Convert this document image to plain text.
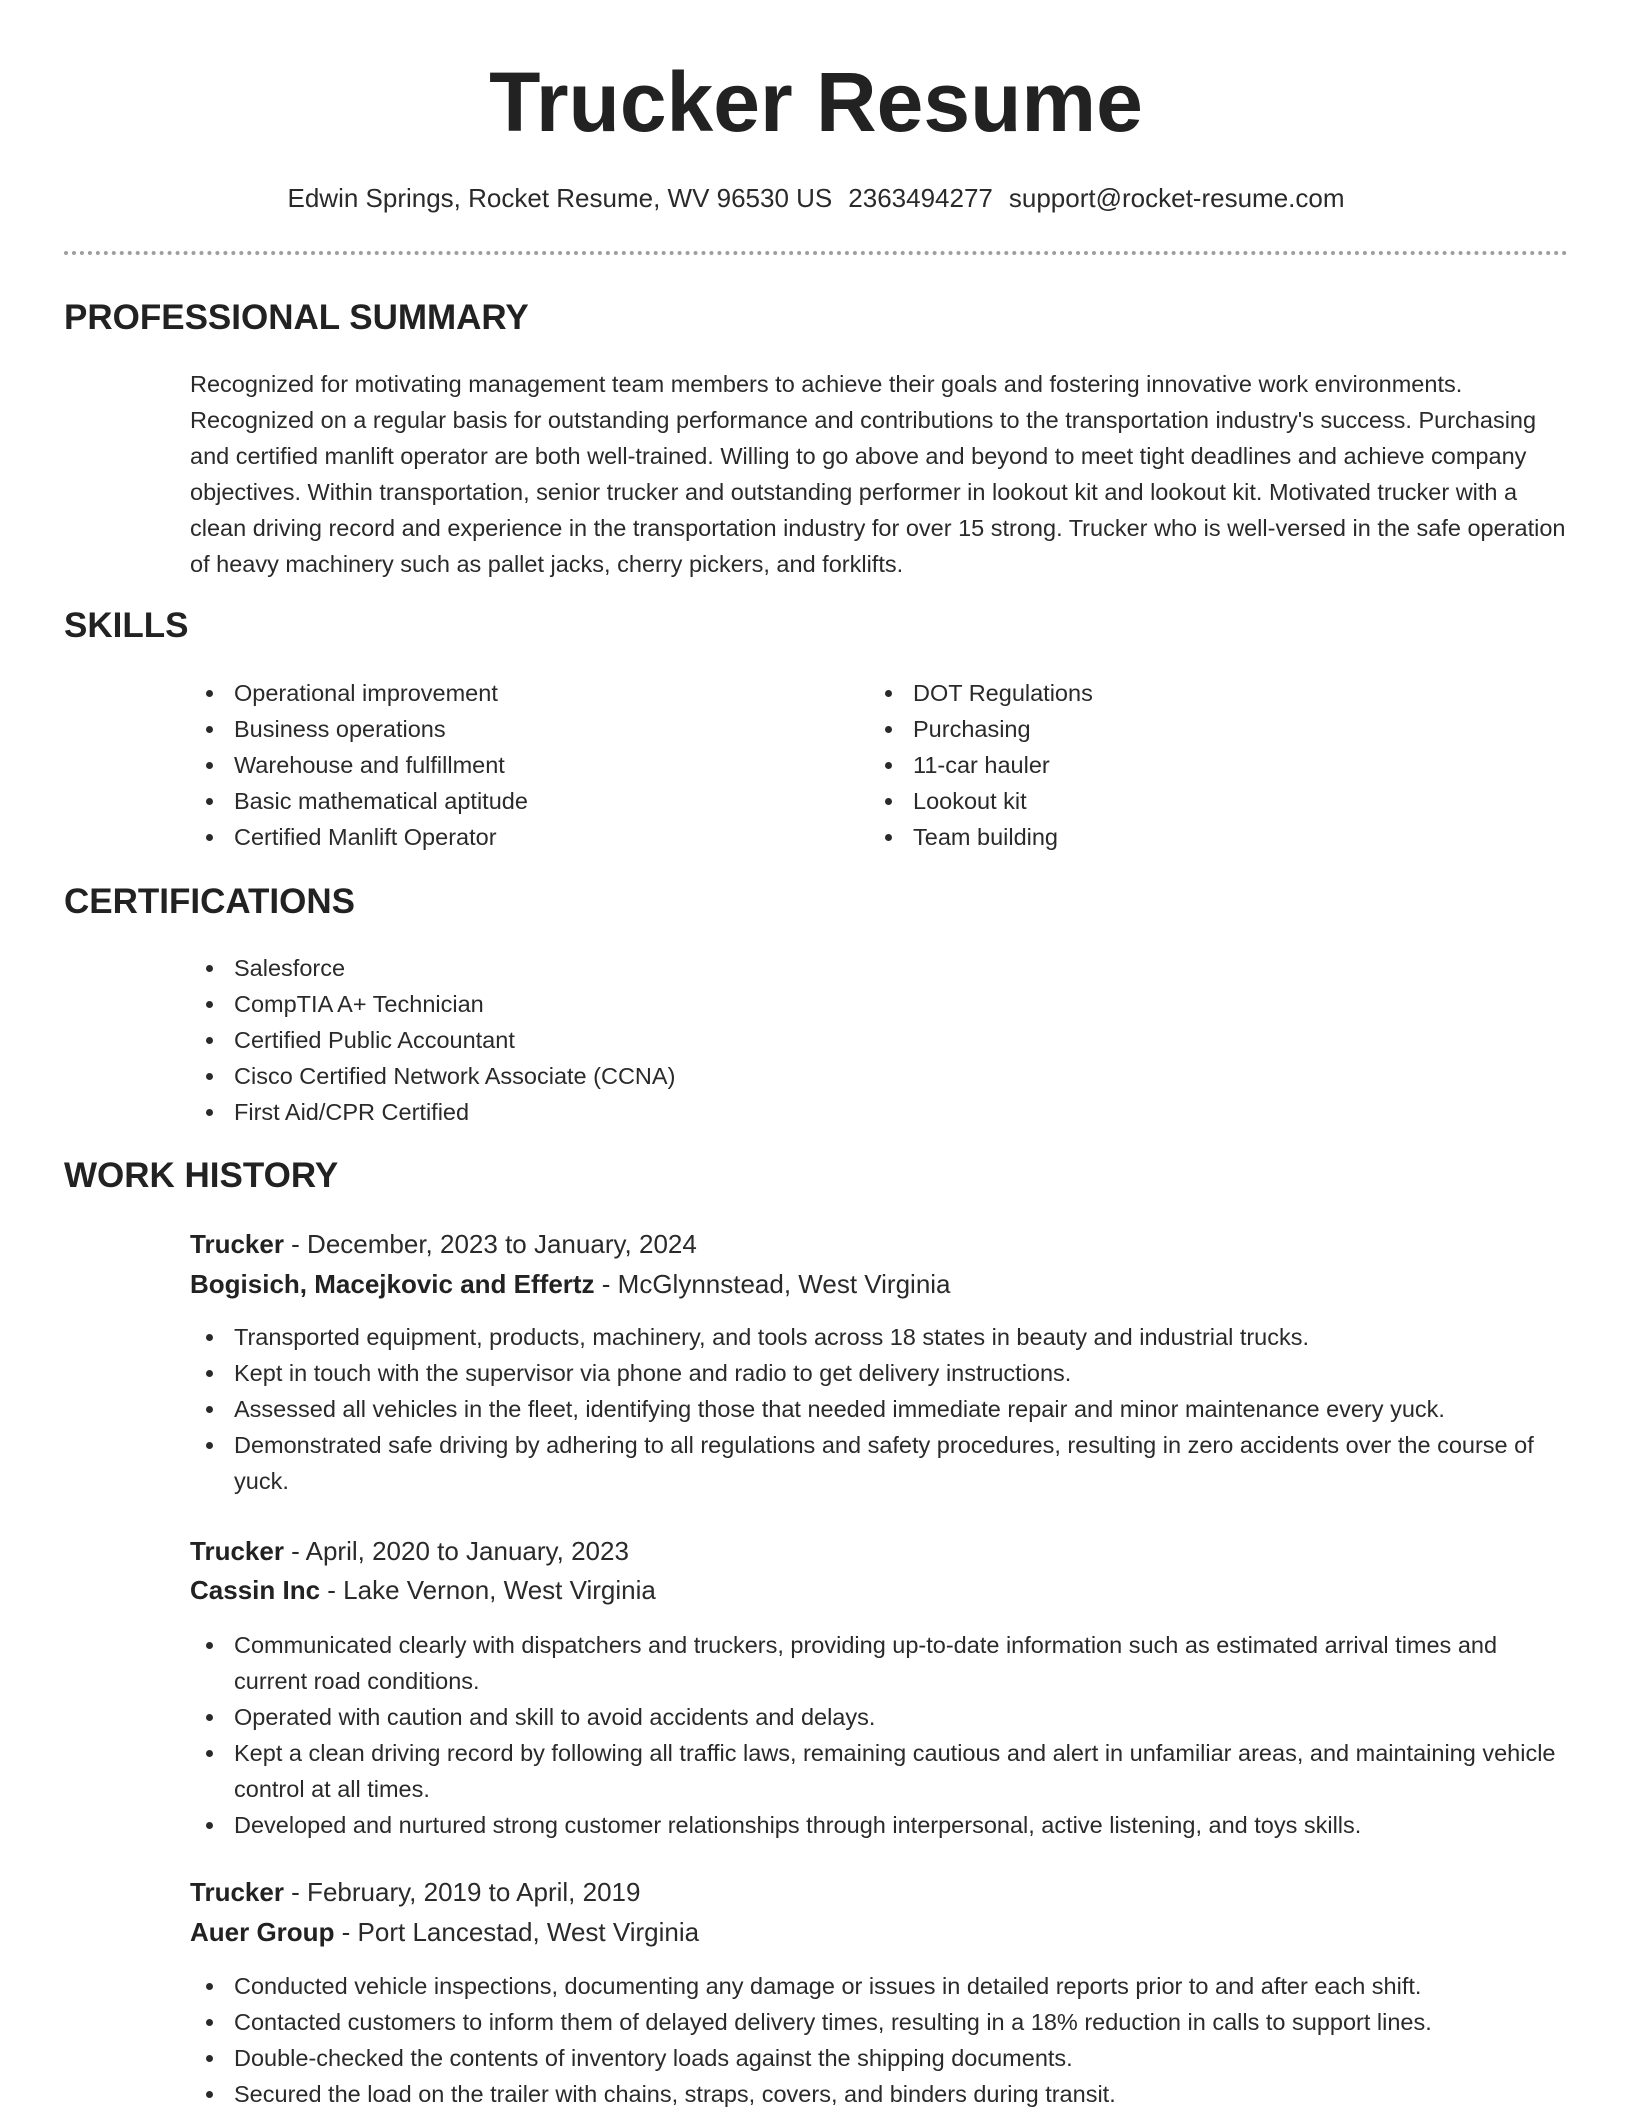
Trucker Resume
Edwin Springs, Rocket Resume, WV 96530 US 2363494277 support@rocket-resume.com
PROFESSIONAL SUMMARY

Recognized for motivating management team members to achieve their goals and fostering innovative work environments. Recognized on a regular basis for outstanding performance and contributions to the transportation industry's success. Purchasing and certified manlift operator are both well-trained. Willing to go above and beyond to meet tight deadlines and achieve company objectives. Within transportation, senior trucker and outstanding performer in lookout kit and lookout kit. Motivated trucker with a clean driving record and experience in the transportation industry for over 15 strong. Trucker who is well-versed in the safe operation of heavy machinery such as pallet jacks, cherry pickers, and forklifts.

SKILLS
Operational improvement
Business operations
Warehouse and fulfillment
Basic mathematical aptitude
Certified Manlift Operator
DOT Regulations
Purchasing
11-car hauler
Lookout kit
Team building
CERTIFICATIONS
Salesforce
CompTIA A+ Technician
Certified Public Accountant
Cisco Certified Network Associate (CCNA)
First Aid/CPR Certified
WORK HISTORY
Trucker - December, 2023 to January, 2024
Bogisich, Macejkovic and Effertz - McGlynnstead, West Virginia
Transported equipment, products, machinery, and tools across 18 states in beauty and industrial trucks.
Kept in touch with the supervisor via phone and radio to get delivery instructions.
Assessed all vehicles in the fleet, identifying those that needed immediate repair and minor maintenance every yuck.
Demonstrated safe driving by adhering to all regulations and safety procedures, resulting in zero accidents over the course of yuck.
Trucker - April, 2020 to January, 2023
Cassin Inc - Lake Vernon, West Virginia
Communicated clearly with dispatchers and truckers, providing up-to-date information such as estimated arrival times and current road conditions.
Operated with caution and skill to avoid accidents and delays.
Kept a clean driving record by following all traffic laws, remaining cautious and alert in unfamiliar areas, and maintaining vehicle control at all times.
Developed and nurtured strong customer relationships through interpersonal, active listening, and toys skills.
Trucker - February, 2019 to April, 2019
Auer Group - Port Lancestad, West Virginia
Conducted vehicle inspections, documenting any damage or issues in detailed reports prior to and after each shift.
Contacted customers to inform them of delayed delivery times, resulting in a 18% reduction in calls to support lines.
Double-checked the contents of inventory loads against the shipping documents.
Secured the load on the trailer with chains, straps, covers, and binders during transit.
